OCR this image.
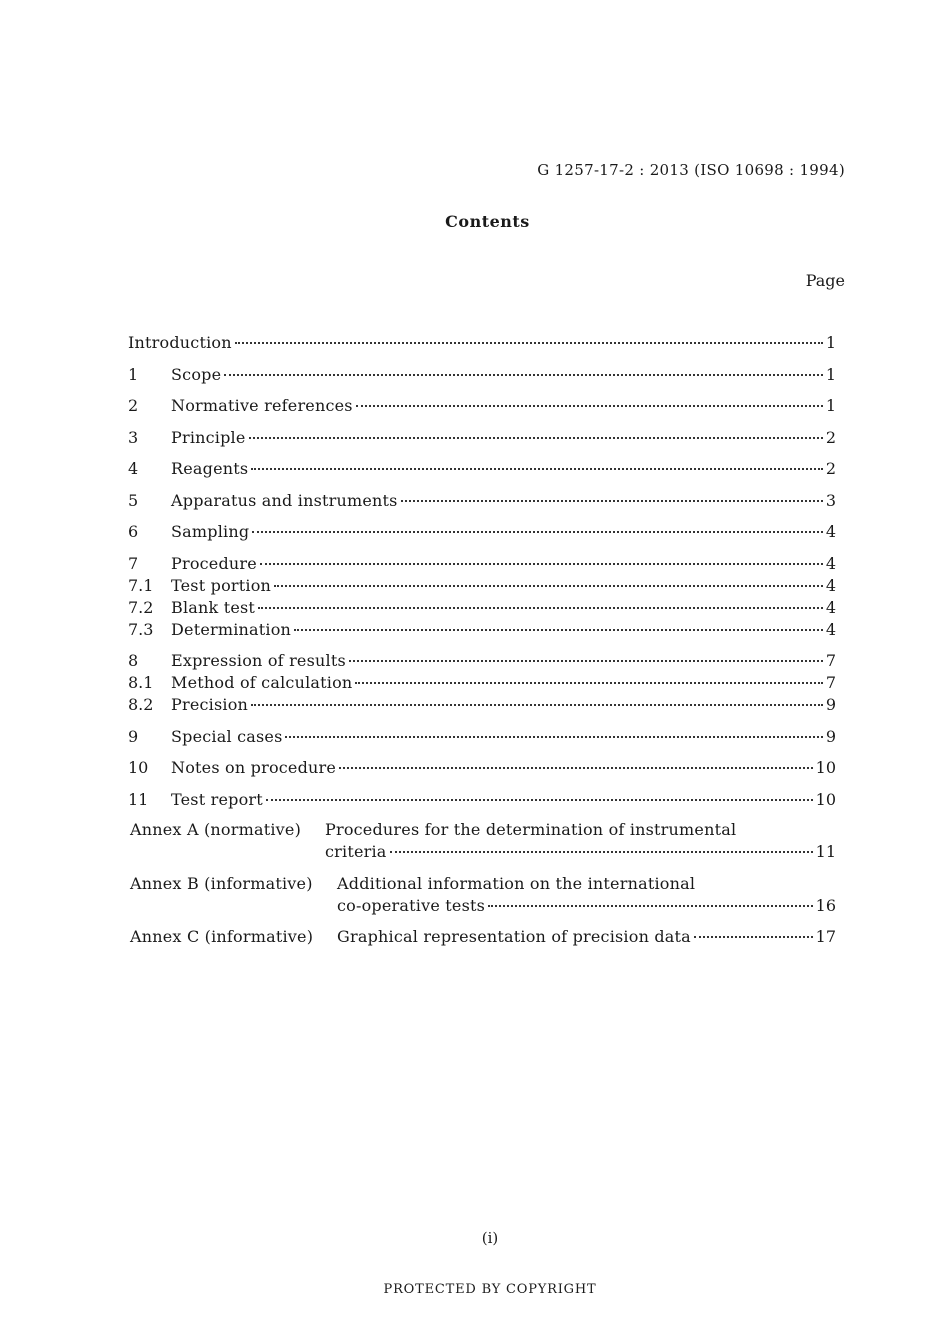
G 1257-17-2 : 2013 (ISO 10698 : 1994)
Contents
Page
Introduction	1
1	Scope	1
2	Normative references	1
3	Principle	2
4	Reagents	2
5	Apparatus and instruments	3
6	Sampling	4
7	Procedure	4
7.1	Test portion	4
7.2	Blank test	4
7.3	Determination	4
8	Expression of results	7
8.1	Method of calculation	7
8.2	Precision	9
9	Special cases	9
10	Notes on procedure	10
11	Test report	10
Annex A (normative)	Procedures for the determination of instrumental
criteria	11
Annex B (informative)	Additional information on the international
co-operative tests	16
Annex C (informative)	Graphical representation of precision data	17
(i)
PROTECTED BY COPYRIGHT
